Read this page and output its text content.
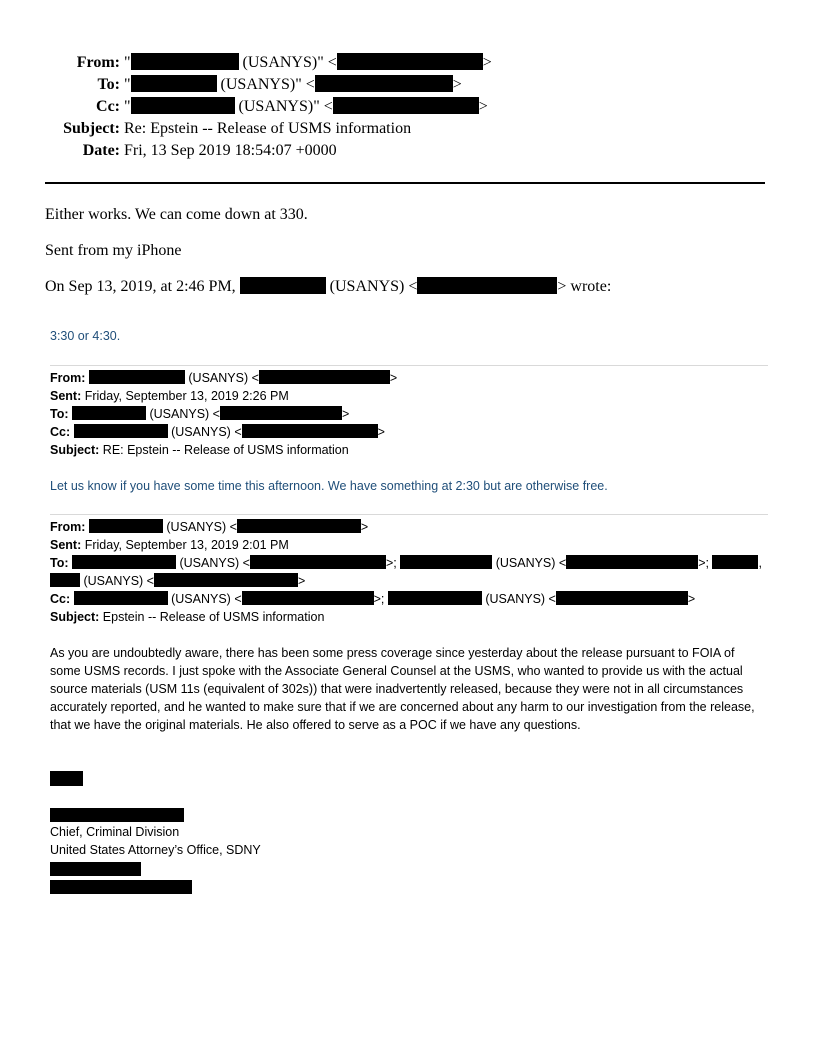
From: "	(USANYS)" <	>
To: "	(USANYS)" <	>
Cc: "	(USANYS)" <	>
Subject: Re: Epstein -- Release of USMS information
Date: Fri, 13 Sep 2019 18:54:07 +0000
Either works. We can come down at 330.
Sent from my iPhone
On Sep 13, 2019, at 2:46 PM,	(USANYS) <	> wrote:
3:30 or 4:30.
From:	(USANYS) <	>
Sent: Friday, September 13, 2019 2:26 PM
To:	(USANYS) <	>
Cc:	(USANYS) <	>
Subject: RE: Epstein -- Release of USMS information
Let us know if you have some time this afternoon. We have something at 2:30 but are otherwise free.
From:	(USANYS) <	>
Sent: Friday, September 13, 2019 2:01 PM
To:	(USANYS) <	>;	(USANYS) <	>;	,
(USANYS) <	>
Cc:	(USANYS) <	>;	(USANYS) <	>
Subject: Epstein -- Release of USMS information
As you are undoubtedly aware, there has been some press coverage since yesterday about the release pursuant to FOIA of some USMS records. I just spoke with the Associate General Counsel at the USMS, who wanted to provide us with the actual source materials (USM 11s (equivalent of 302s)) that were inadvertently released, because they were not in all circumstances accurately reported, and he wanted to make sure that if we are concerned about any harm to our investigation from the release, that we have the original materials. He also offered to serve as a POC if we have any questions.
Chief, Criminal Division
United States Attorney’s Office, SDNY
